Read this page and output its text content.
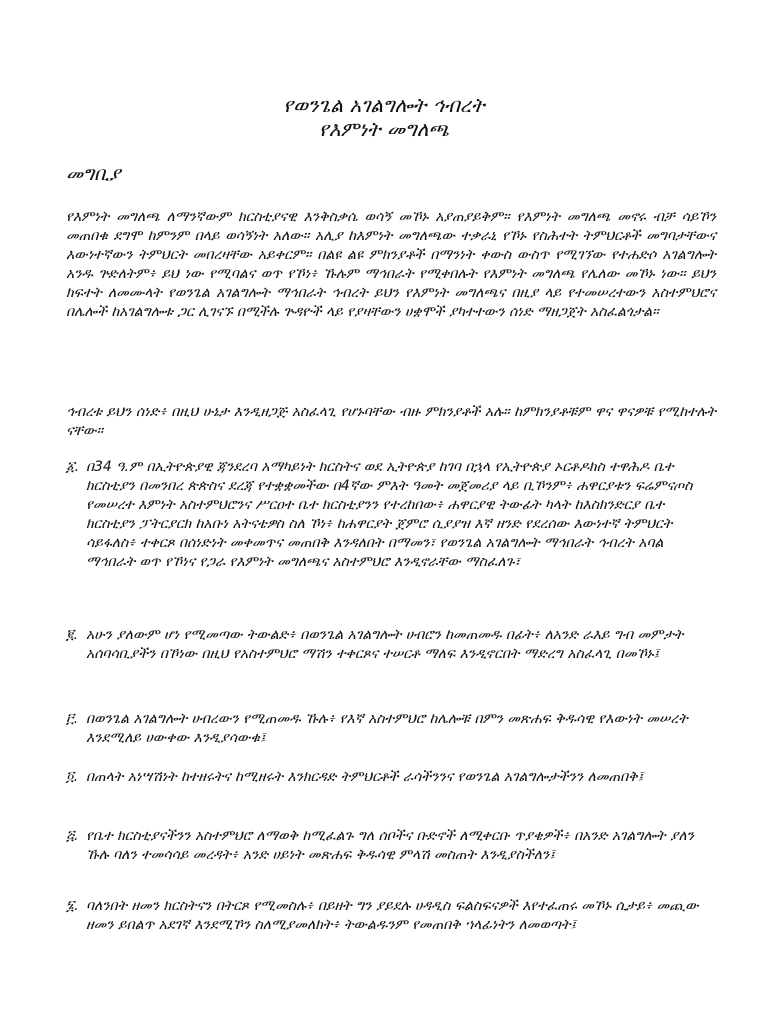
የወንጌል አገልግሎት ኅብረት
የእምነት መግለጫ
መግቢያ

የእምነት መግለጫ ለማንኛውም ክርስቲያናዊ እንቅስቃሴ ወሳኝ መኾኑ አያጠያይቅም። የእምነት መግለጫ መኖሩ ብቻ ሳይኾን መጠበቁ ደግሞ ከምንም በላይ ወሳኝነት አለው። አሊያ ከእምነት መግለጫው ተቃራኒ የኾኑ የስሕተት ትምህርቶች መግባታቸውና እውነተኛውን ትምህርት መበረዛቸው አይቀርም። በልዩ ልዩ ምክንያቶች በማንነት ቀውስ ውስጥ የሚገኘው የተሐድሶ አገልግሎት አንዱ ጕድለትም፥ ይህ ነው የሚባልና ወጥ የኾነ፥ ኹሉም ማኅበራት የሚቀበሉት የእምነት መግለጫ የሌለው መኾኑ ነው። ይህን ክፍተት ለመሙላት የወንጌል አገልግሎት ማኅበራት ኅብረት ይህን የእምነት መግለጫና በዚያ ላይ የተመሠረተውን አስተምህሮና በሌሎች ከአገልግሎቱ ጋር ሊገናኙ በሚችሉ ጕዳዮች ላይ የያዛቸውን ሀቋሞች ያካተተውን ሰነድ ማዘጋጀት አስፈልጎታል።

ኅብረቱ ይህን ሰነድ፥ በዚህ ሁኔታ እንዲዘጋጅ አስፈላጊ የሆኑባቸው ብዙ ምክንያቶች አሉ። ከምክንያቶቹም ዋና ዋናዎቹ የሚከተሉት ናቸው።

፩. በ34 ዓ.ም በኢትዮጵያዊ ጃንደረባ አማካይነት ክርስትና ወደ ኢትዮጵያ ከገባ በኋላ የኢትዮጵያ ኦርቶዶክስ ተዋሕዶ ቤተ ክርስቲያን በመንበረ ጵጵስና ደረጃ የተቋቋመችው በ4ኛው ምእት ዓመት መጀመሪያ ላይ ቢኾንም፥ ሐዋርያቱን ፍሬምናጦስ የመሠረተ እምነት አስተምህሮንና ሥርዐተ ቤተ ክርስቲያንን የተረከበው፥ ሐዋርያዊ ትውፊት ካላት ከእስክንድርያ ቤተ ክርስቲያን ፓትርያርክ ከአቡነ አትናቴዎስ ስለ ኾነ፥ ከሐዋርያት ጀምሮ ሲያያዝ እኛ ዘንድ የደረሰው እውነተኛ ትምህርት ሳይፋለስ፥ ተቀርጾ በሰነድነት መቀመጥና መጠበቅ እንዳለበት በማመን፣ የወንጌል አገልግሎት ማኅበራት ኅብረት አባል ማኅበራት ወጥ የኾነና የጋራ የእምነት መግለጫና አስተምህሮ እንዲኖራቸው ማስፈለጉ፣
፪. አሁን ያለውም ሆነ የሚመጣው ትውልድ፥ በወንጌል አገልግሎት ሀብሮን ከመጠመዱ በፊት፥ ለአንድ ራእይ ግብ መምታት አሰባሳቢያችን በኾነው በዚህ የአስተምህሮ ማሽን ተቀርጾና ተሠርቶ ማለፍ እንዲኖርበት ማድረግ አስፈላጊ በመኾኑ፤
፫. በወንጌል አገልግሎት ሀብረውን የሚጠመዱ ኹሉ፥ የእኛ አስተምህሮ ከሌሎቹ በምን መጽሐፍ ቅዱሳዊ የእውነት መሠረት እንደሚለይ ሀውቀው እንዲያሳውቁ፤
፬. በጠላት አነሣሽነት ከተዘሩትና ከሚዘሩት እንክርዳድ ትምህርቶች ራሳችንንና የወንጌል አገልግሎታችንን ለመጠበቅ፤
፭. የቤተ ክርስቲያናችንን አስተምህሮ ለማወቅ ከሚፈልጉ ግለ ሰቦችና ቡድኖች ለሚቀርቡ ጥያቄዎች፥ በአንድ አገልግሎት ያለን ኹሉ ባለን ተመሳሳይ መረዳት፥ አንድ ሀይነት መጽሐፍ ቅዱሳዊ ምላሽ መስጠት እንዲያስችለን፤
፮. ባለንበት ዘመን ክርስትናን በትርጾ የሚመስሉ፥ በይዘት ግን ያይደሉ ሀዳዲስ ፍልስፍናዎች እየተፈጠሩ መኾኑ ሲታይ፥ መጪው ዘመን ይበልጥ አደገኛ እንደሚኾን ስለሚያመለክት፥ ትውልዱንም የመጠበቅ ኀላፊነትን ለመወጣት፤
